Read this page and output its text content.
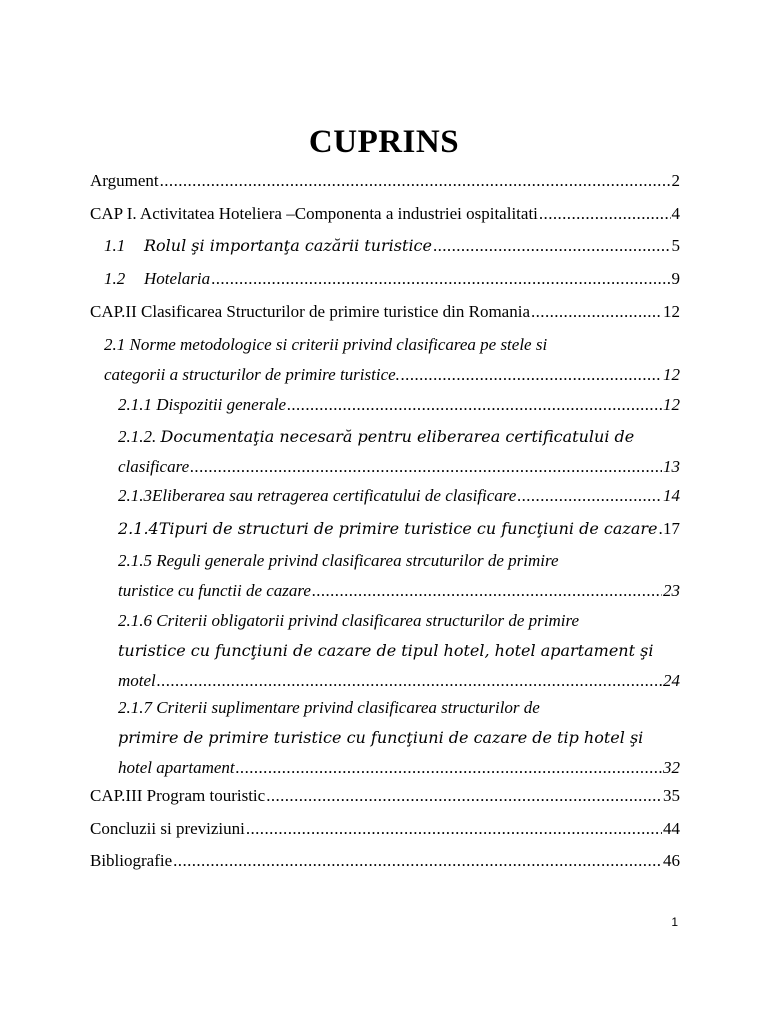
CUPRINS
Argument .....	2
CAP I. Activitatea Hoteliera –Componenta a industriei ospitalitati .....	4
1.1 Rolul şi importanţa cazării turistice .....	5
1.2 Hotelaria .....	9
CAP.II Clasificarea Structurilor de primire turistice din Romania .....	12
2.1 Norme metodologice si criterii privind clasificarea pe stele si
categorii a structurilor de primire turistice. .....	12
2.1.1 Dispozitii generale .....	12
2.1.2. Documentaţia necesară pentru eliberarea certificatului de
clasificare .....	13
2.1.3Eliberarea sau retragerea certificatului de clasificare .....	14
2.1.4Tipuri de structuri de primire turistice cu funcţiuni de cazare ..... 17
2.1.5 Reguli generale privind clasificarea strcuturilor de primire
turistice cu functii de cazare .....	23
2.1.6 Criterii obligatorii privind clasificarea structurilor de primire
turistice cu funcţiuni de cazare de tipul hotel, hotel apartament şi
motel .....	24
2.1.7 Criterii suplimentare privind clasificarea structurilor de
primire de primire turistice cu funcţiuni de cazare de tip hotel şi
hotel apartament .....	32
CAP.III Program touristic .....	35
Concluzii si previziuni .....	44
Bibliografie .....	46
1
